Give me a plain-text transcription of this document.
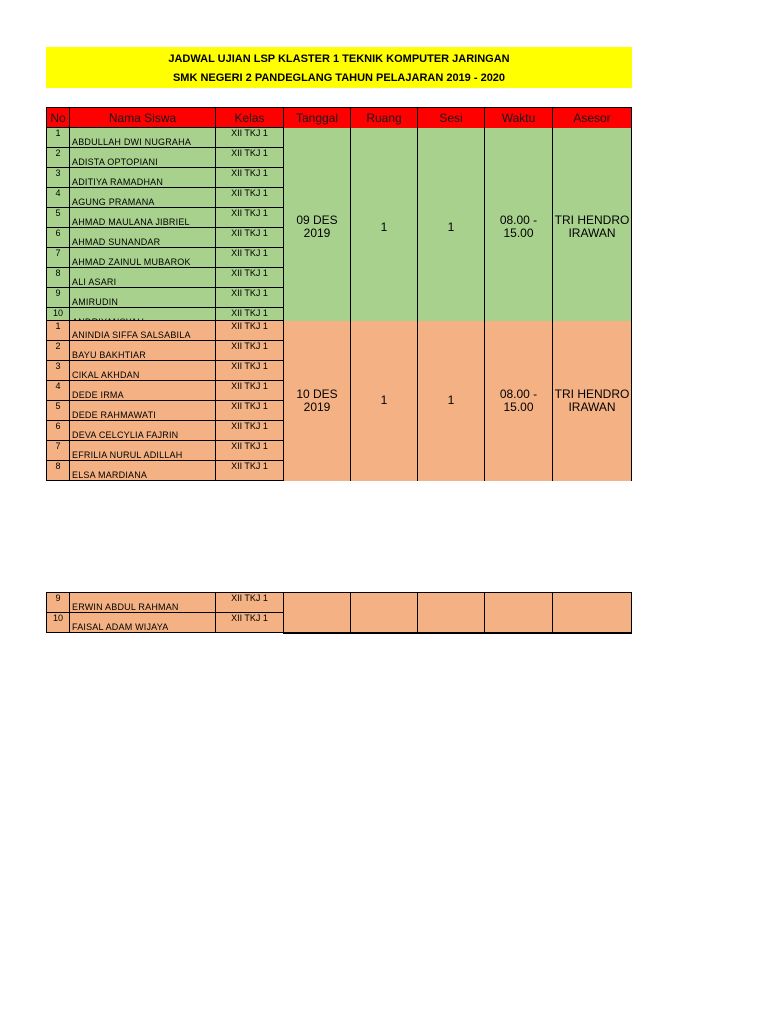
JADWAL UJIAN LSP KLASTER 1 TEKNIK KOMPUTER JARINGAN
SMK NEGERI 2 PANDEGLANG TAHUN PELAJARAN 2019 - 2020
No	Nama Siswa	Kelas	Tanggal	Ruang	Sesi	Waktu	Asesor
1	ABDULLAH DWI NUGRAHA	XII TKJ 1	09 DES 2019	1	1	08.00 - 15.00	TRI HENDRO IRAWAN
2	ADISTA OPTOPIANI	XII TKJ 1					
3	ADITIYA RAMADHAN	XII TKJ 1					
4	AGUNG PRAMANA	XII TKJ 1					
5	AHMAD MAULANA JIBRIEL	XII TKJ 1					
6	AHMAD SUNANDAR	XII TKJ 1					
7	AHMAD ZAINUL MUBAROK	XII TKJ 1					
8	ALI ASARI	XII TKJ 1					
9	AMIRUDIN	XII TKJ 1					
10		XII TKJ 1					
1	ANINDIA SIFFA SALSABILA	XII TKJ 1	10 DES 2019	1	1	08.00 - 15.00	TRI HENDRO IRAWAN
2	BAYU BAKHTIAR	XII TKJ 1					
3	CIKAL AKHDAN	XII TKJ 1					
4	DEDE IRMA	XII TKJ 1					
5	DEDE RAHMAWATI	XII TKJ 1					
6	DEVA CELCYLIA FAJRIN	XII TKJ 1					
7	EFRILIA NURUL ADILLAH	XII TKJ 1					
8	ELSA MARDIANA	XII TKJ 1					
9	ERWIN ABDUL RAHMAN	XII TKJ 1					
10	FAISAL ADAM WIJAYA	XII TKJ 1					
